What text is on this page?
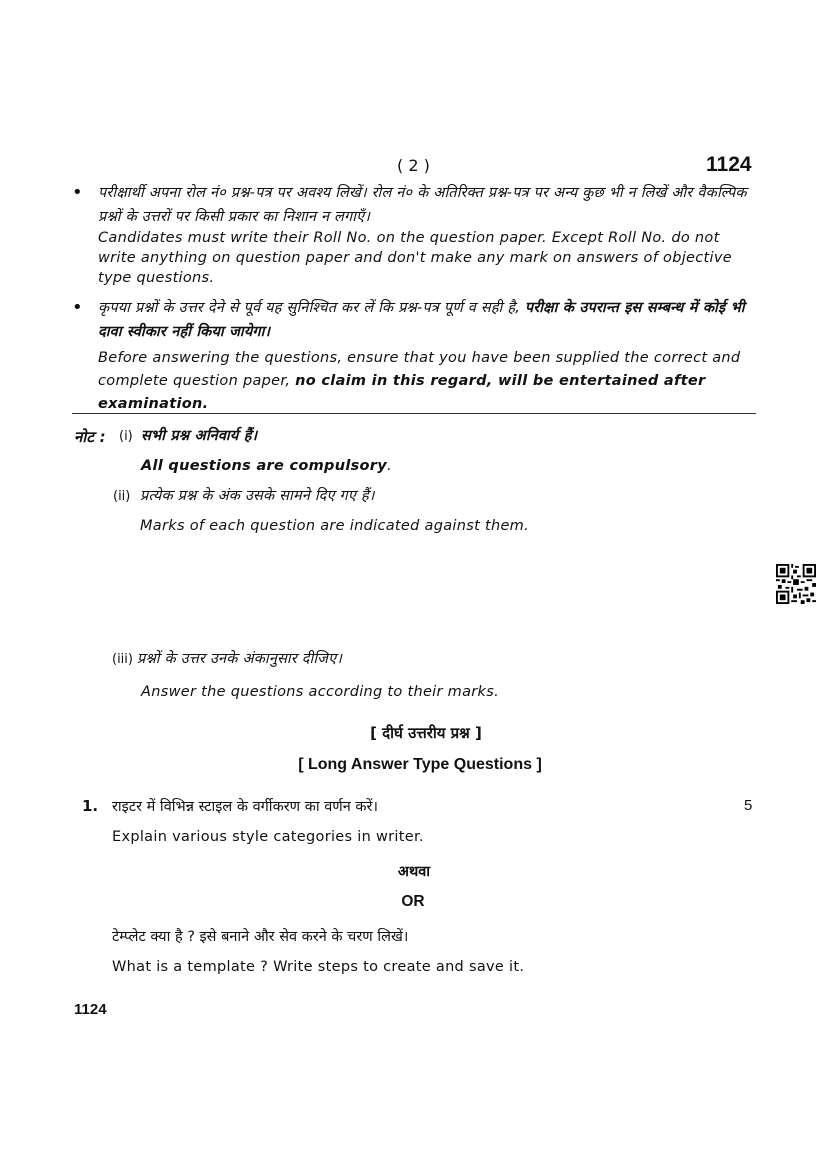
( 2 )	1124
• परीक्षार्थी अपना रोल नं० प्रश्न-पत्र पर अवश्य लिखें। रोल नं० के अतिरिक्त प्रश्न-पत्र पर अन्य कुछ भी न लिखें और वैकल्पिक प्रश्नों के उत्तरों पर किसी प्रकार का निशान न लगाएँ।
Candidates must write their Roll No. on the question paper. Except Roll No. do not write anything on question paper and don't make any mark on answers of objective type questions.
• कृपया प्रश्नों के उत्तर देने से पूर्व यह सुनिश्चित कर लें कि प्रश्न-पत्र पूर्ण व सही है, परीक्षा के उपरान्त इस सम्बन्ध में कोई भी दावा स्वीकार नहीं किया जायेगा।
Before answering the questions, ensure that you have been supplied the correct and complete question paper, no claim in this regard, will be entertained after examination.
नोट : (i) सभी प्रश्न अनिवार्य हैं।
All questions are compulsory.
(ii) प्रत्येक प्रश्न के अंक उसके सामने दिए गए हैं।
Marks of each question are indicated against them.
(iii) प्रश्नों के उत्तर उनके अंकानुसार दीजिए।
Answer the questions according to their marks.
[ दीर्घ उत्तरीय प्रश्न ]
[ Long Answer Type Questions ]
1. राइटर में विभिन्न स्टाइल के वर्गीकरण का वर्णन करें।	5
Explain various style categories in writer.
अथवा
OR
टेम्प्लेट क्या है ? इसे बनाने और सेव करने के चरण लिखें।
What is a template ? Write steps to create and save it.
1124
